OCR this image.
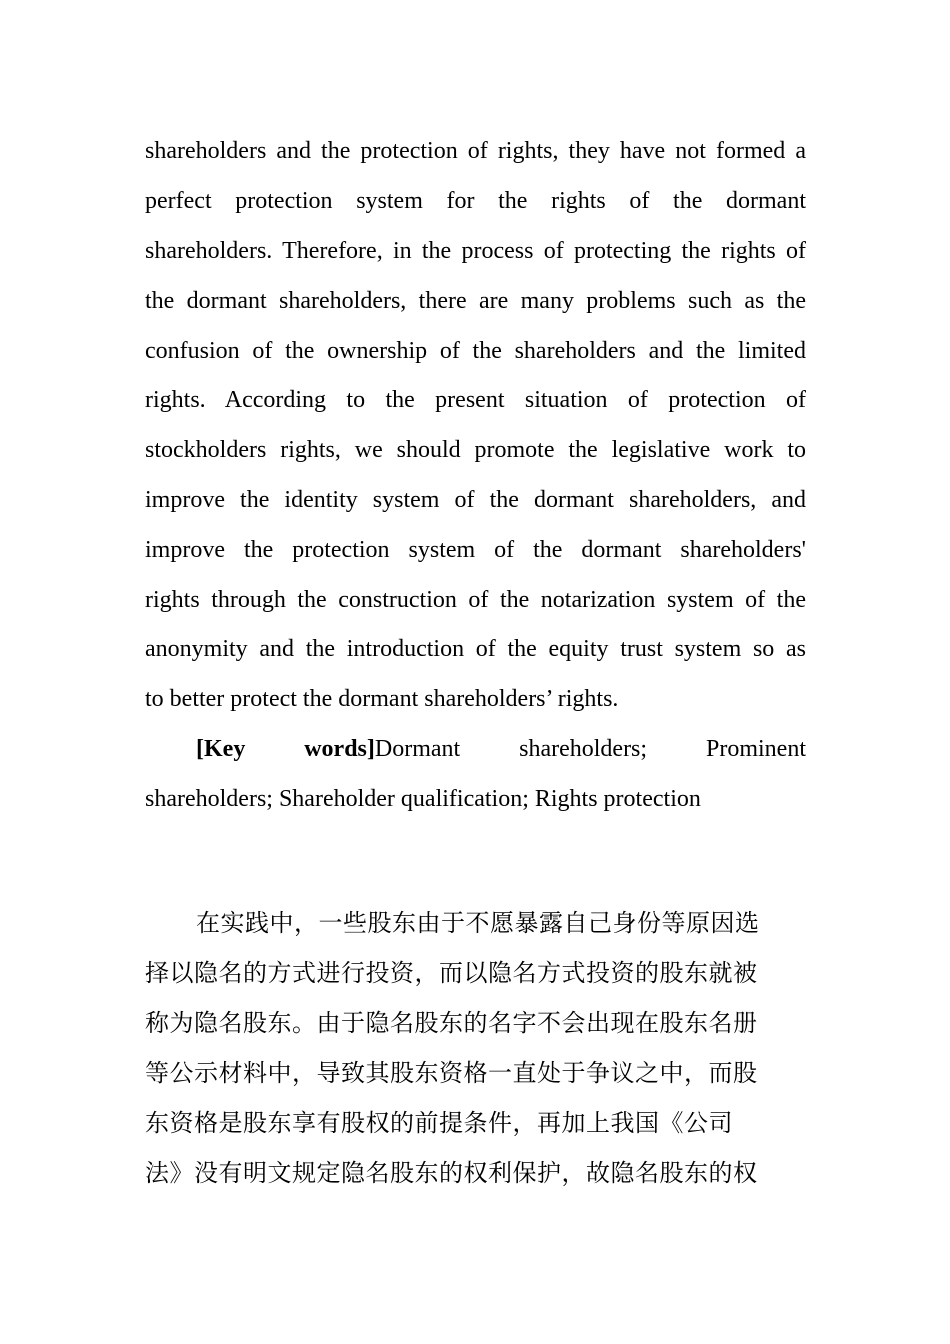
shareholders and the protection of rights, they have not formed a
perfect protection system for the rights of the dormant
shareholders. Therefore, in the process of protecting the rights of
the dormant shareholders, there are many problems such as the
confusion of the ownership of the shareholders and the limited
rights. According to the present situation of protection of
stockholders rights, we should promote the legislative work to
improve the identity system of the dormant shareholders, and
improve the protection system of the dormant shareholders'
rights through the construction of the notarization system of the
anonymity and the introduction of the equity trust system so as
to better protect the dormant shareholders’ rights.
[Key words]Dormant shareholders; Prominent
shareholders; Shareholder qualification; Rights protection
在实践中，一些股东由于不愿暴露自己身份等原因选
择以隐名的方式进行投资，而以隐名方式投资的股东就被
称为隐名股东。由于隐名股东的名字不会出现在股东名册
等公示材料中，导致其股东资格一直处于争议之中，而股
东资格是股东享有股权的前提条件，再加上我国《公司
法》没有明文规定隐名股东的权利保护，故隐名股东的权
